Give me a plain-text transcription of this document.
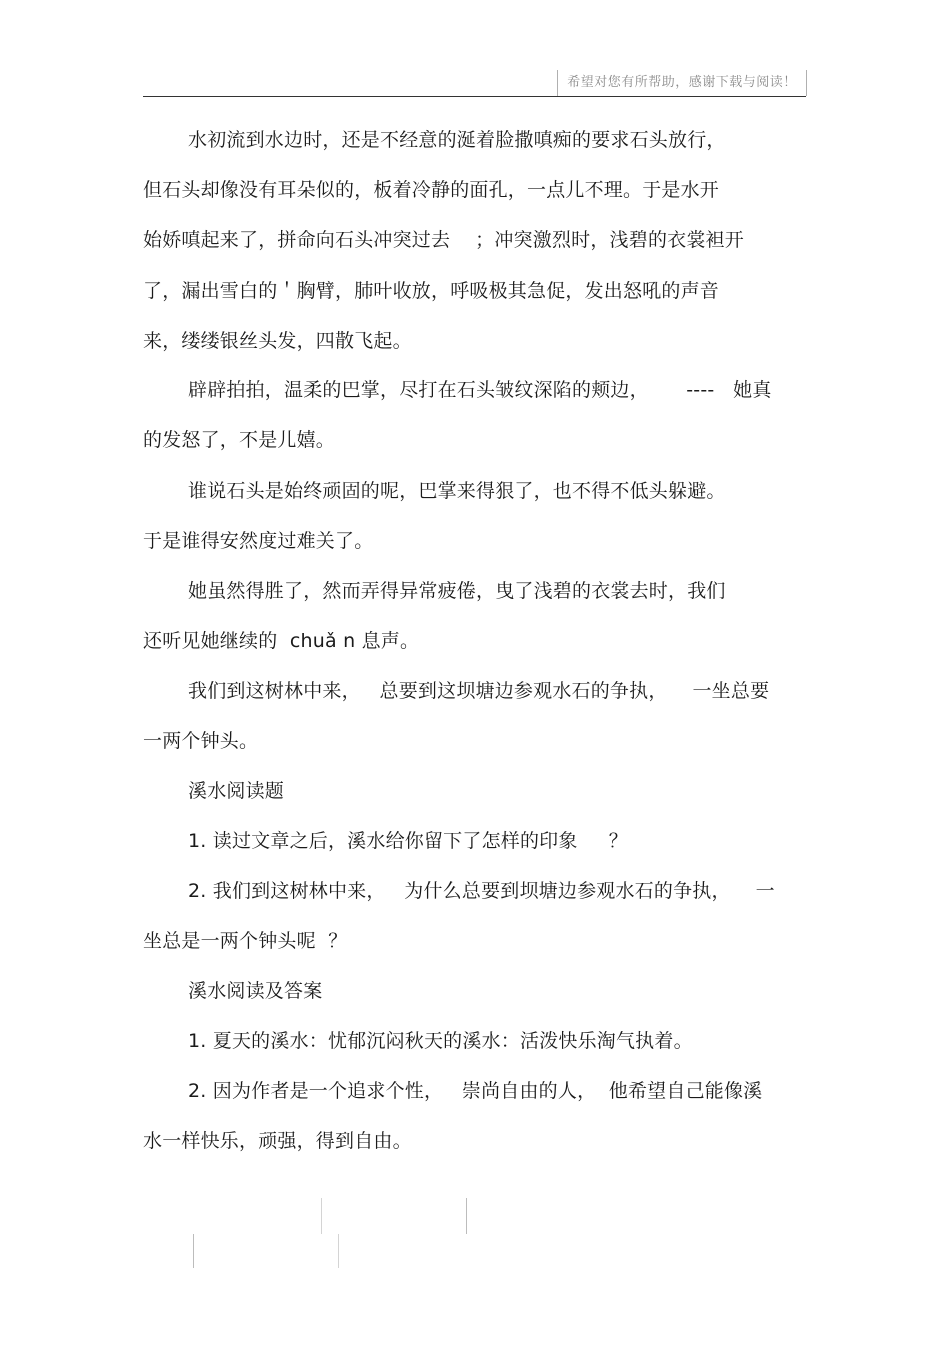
希望对您有所帮助，感谢下载与阅读！
水初流到水边时，还是不经意的涎着脸撒嗔痴的要求石头放行，
但石头却像没有耳朵似的，板着冷静的面孔，一点儿不理。于是水开
始娇嗔起来了，拼命向石头冲突过去    ；冲突激烈时，浅碧的衣裳袒开
了，漏出雪白的＇胸臂，肺叶收放，呼吸极其急促，发出怒吼的声音
来，缕缕银丝头发，四散飞起。
辟辟拍拍，温柔的巴掌，尽打在石头皱纹深陷的颊边，      ----   她真
的发怒了，不是儿嬉。
谁说石头是始终顽固的呢，巴掌来得狠了，也不得不低头躲避。
于是谁得安然度过难关了。
她虽然得胜了，然而弄得异常疲倦，曳了浅碧的衣裳去时，我们
还听见她继续的  chuǎ n 息声。
我们到这树林中来，   总要到这坝塘边参观水石的争执，    一坐总要
一两个钟头。
溪水阅读题
1. 读过文章之后，溪水给你留下了怎样的印象     ？
2. 我们到这树林中来，   为什么总要到坝塘边参观水石的争执，    一
坐总是一两个钟头呢  ？
溪水阅读及答案
1. 夏天的溪水：忧郁沉闷秋天的溪水：活泼快乐淘气执着。
2. 因为作者是一个追求个性，   崇尚自由的人，  他希望自己能像溪
水一样快乐，顽强，得到自由。
